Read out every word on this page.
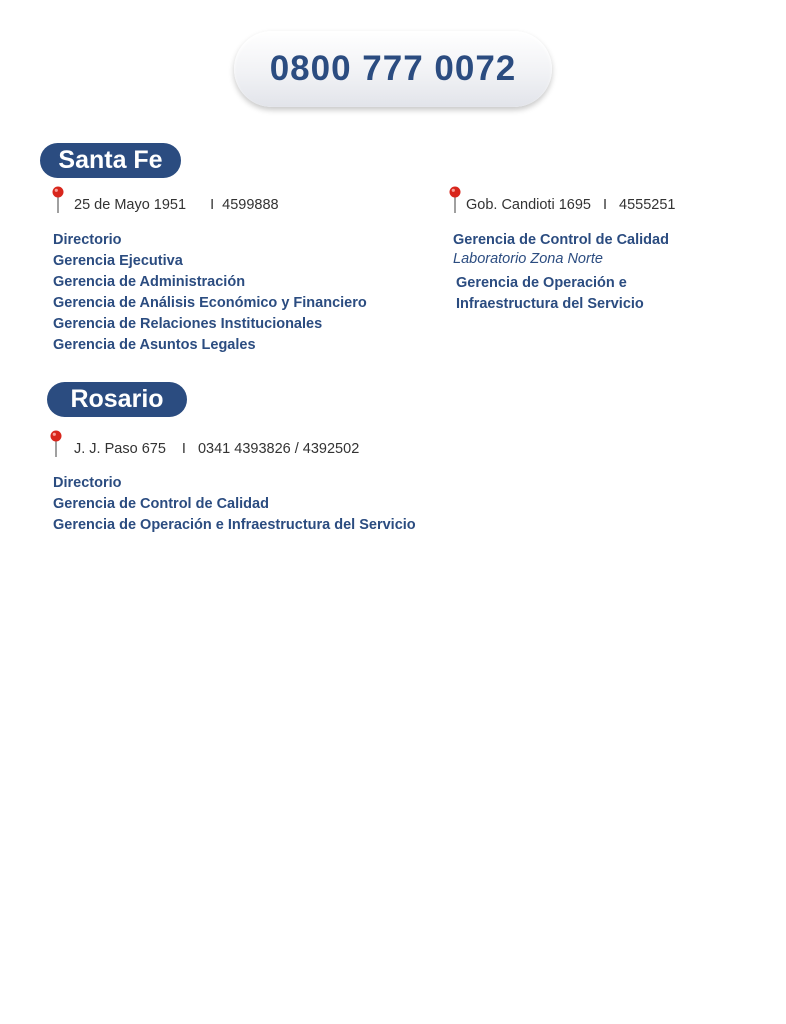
0800 777 0072
Santa Fe
25 de Mayo 1951 I 4599888
Directorio
Gerencia Ejecutiva
Gerencia de Administración
Gerencia de Análisis Económico y Financiero
Gerencia de Relaciones Institucionales
Gerencia de Asuntos Legales
Gob. Candioti 1695 I 4555251
Gerencia de Control de Calidad
Laboratorio Zona Norte
Gerencia de Operación e
Infraestructura del Servicio
Rosario
J. J. Paso 675 I 0341 4393826 / 4392502
Directorio
Gerencia de Control de Calidad
Gerencia de Operación e Infraestructura del Servicio
